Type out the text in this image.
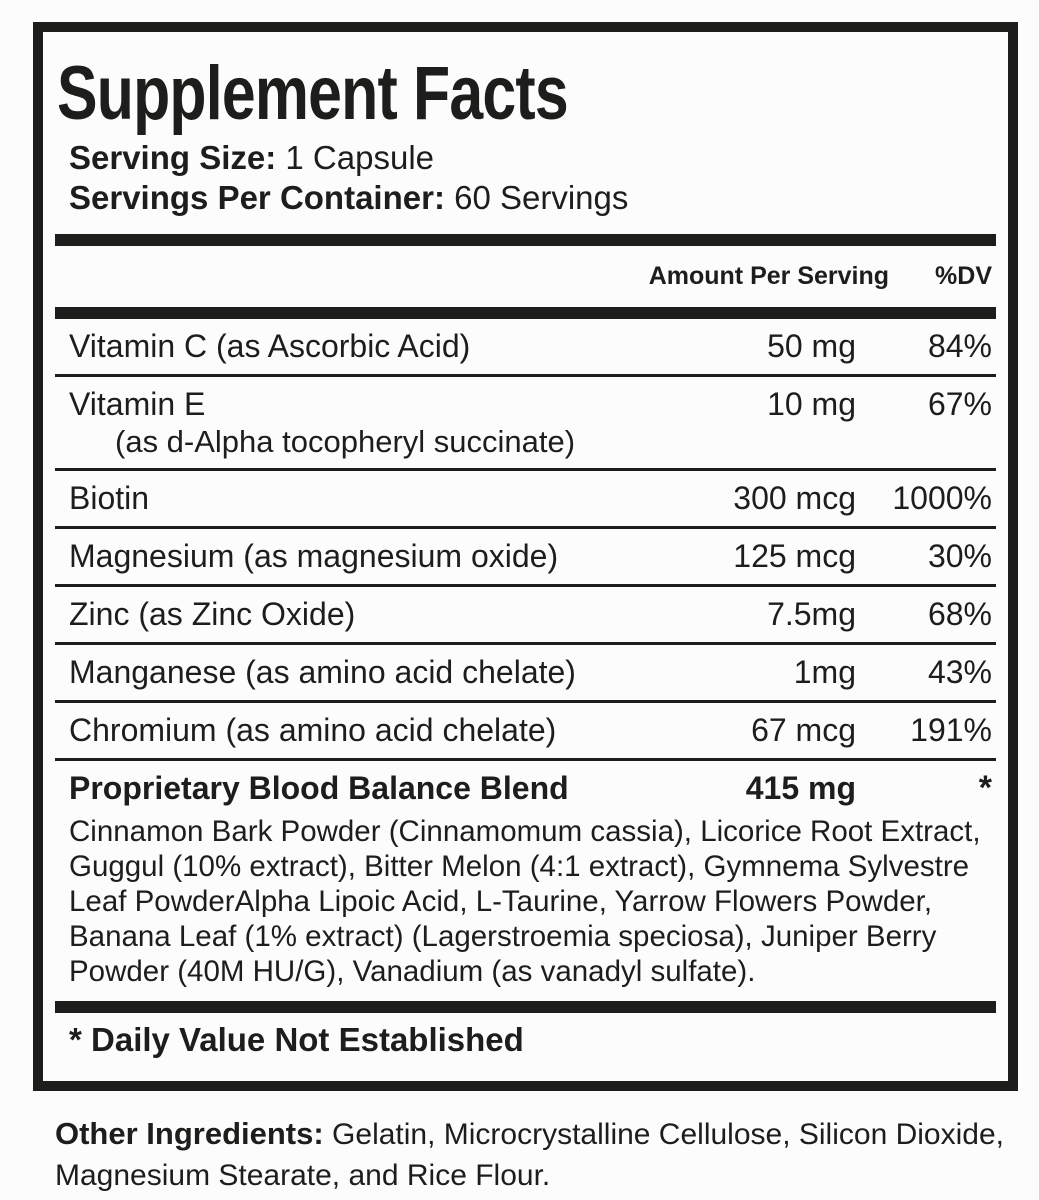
Supplement Facts
Serving Size: 1 Capsule
Servings Per Container: 60 Servings
Amount Per Serving %DV
Vitamin C (as Ascorbic Acid)	50 mg	84%
Vitamin E
(as d-Alpha tocopheryl succinate)
10 mg	67%
Biotin	300 mcg	1000%
Magnesium (as magnesium oxide)	125 mcg	30%
Zinc (as Zinc Oxide)	7.5mg	68%
Manganese (as amino acid chelate)	1mg	43%
Chromium (as amino acid chelate)	67 mcg	191%
Proprietary Blood Balance Blend	415 mg	*

Cinnamon Bark Powder (Cinnamomum cassia), Licorice Root Extract, Guggul (10% extract), Bitter Melon (4:1 extract), Gymnema Sylvestre Leaf PowderAlpha Lipoic Acid, L-Taurine, Yarrow Flowers Powder, Banana Leaf (1% extract) (Lagerstroemia speciosa), Juniper Berry Powder (40M HU/G), Vanadium (as vanadyl sulfate).

* Daily Value Not Established

Other Ingredients: Gelatin, Microcrystalline Cellulose, Silicon Dioxide, Magnesium Stearate, and Rice Flour.
